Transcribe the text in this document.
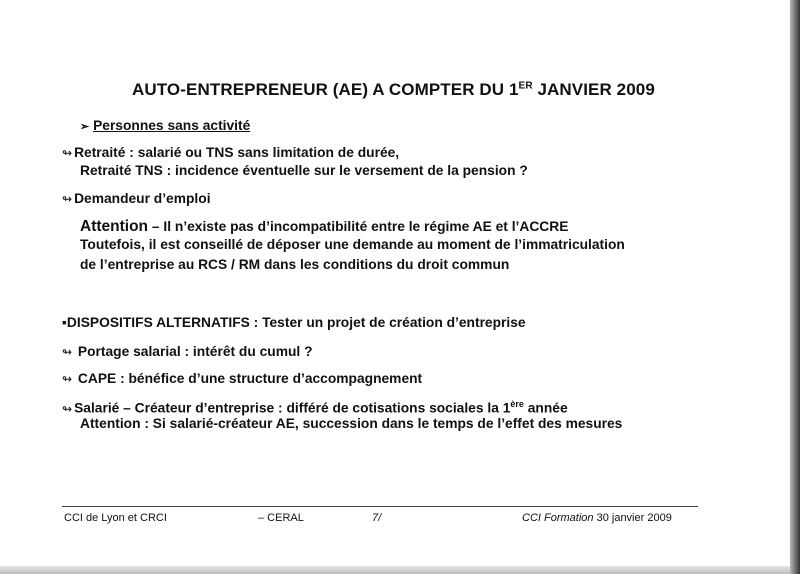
AUTO-ENTREPRENEUR (AE) A COMPTER DU 1ER JANVIER 2009
➢ Personnes sans activité
↬ Retraité : salarié ou TNS sans limitation de durée,
Retraité TNS : incidence éventuelle sur le versement de la pension ?
↬ Demandeur d’emploi
Attention – Il n’existe pas d’incompatibilité entre le régime AE et l’ACCRE
Toutefois, il est conseillé de déposer une demande au moment de l’immatriculation
de l’entreprise au RCS / RM dans les conditions du droit commun
▪DISPOSITIFS ALTERNATIFS : Tester un projet de création d’entreprise
↬ Portage salarial : intérêt du cumul ?
↬ CAPE : bénéfice d’une structure d’accompagnement
↬ Salarié – Créateur d’entreprise : différé de cotisations sociales la 1ère année
Attention : Si salarié-créateur AE, succession dans le temps de l’effet des mesures
CCI de Lyon et CRCI	– CERAL	7/	CCI Formation 30 janvier 2009
